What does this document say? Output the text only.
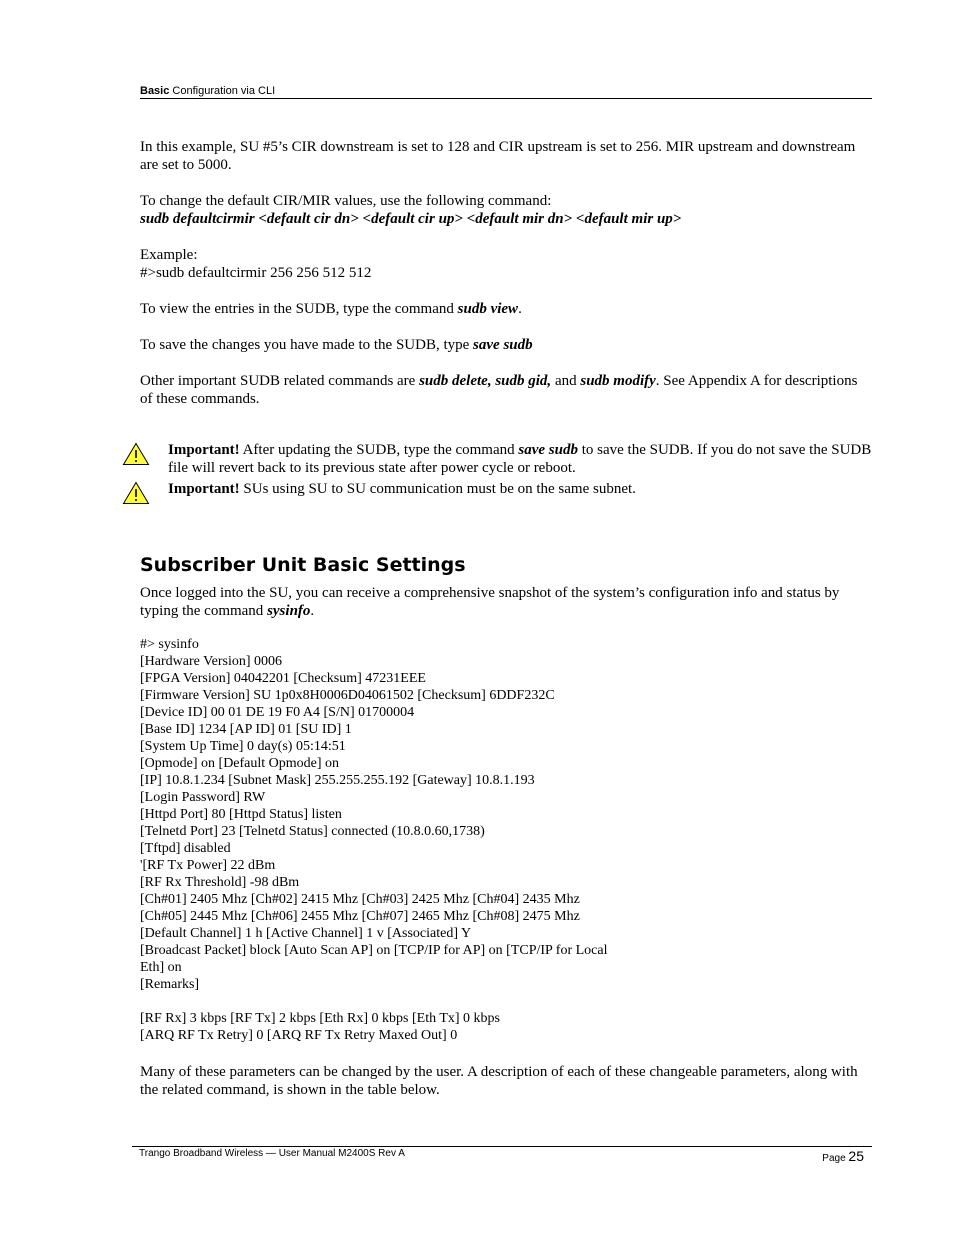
Basic Configuration via CLI

In this example, SU #5’s CIR downstream is set to 128 and CIR upstream is set to 256. MIR upstream and downstream are set to 5000.

To change the default CIR/MIR values, use the following command:
sudb defaultcirmir <default cir dn> <default cir up> <default mir dn> <default mir up>

Example:
#>sudb defaultcirmir 256 256 512 512

To view the entries in the SUDB, type the command sudb view.

To save the changes you have made to the SUDB, type save sudb

Other important SUDB related commands are sudb delete, sudb gid, and sudb modify. See Appendix A for descriptions of these commands.

Important! After updating the SUDB, type the command save sudb to save the SUDB. If you do not save the SUDB file will revert back to its previous state after power cycle or reboot.
Important! SUs using SU to SU communication must be on the same subnet.
Subscriber Unit Basic Settings
Once logged into the SU, you can receive a comprehensive snapshot of the system’s configuration info and status by typing the command sysinfo.
#> sysinfo
[Hardware Version] 0006
[FPGA Version] 04042201 [Checksum] 47231EEE
[Firmware Version] SU 1p0x8H0006D04061502 [Checksum] 6DDF232C
[Device ID] 00 01 DE 19 F0 A4 [S/N] 01700004
[Base ID] 1234 [AP ID] 01 [SU ID] 1
[System Up Time] 0 day(s) 05:14:51
[Opmode] on [Default Opmode] on
[IP] 10.8.1.234 [Subnet Mask] 255.255.255.192 [Gateway] 10.8.1.193
[Login Password] RW
[Httpd Port] 80 [Httpd Status] listen
[Telnetd Port] 23 [Telnetd Status] connected (10.8.0.60,1738)
[Tftpd] disabled
'[RF Tx Power] 22 dBm
[RF Rx Threshold] -98 dBm
[Ch#01] 2405 Mhz [Ch#02] 2415 Mhz [Ch#03] 2425 Mhz [Ch#04] 2435 Mhz
[Ch#05] 2445 Mhz [Ch#06] 2455 Mhz [Ch#07] 2465 Mhz [Ch#08] 2475 Mhz
[Default Channel] 1 h [Active Channel] 1 v [Associated] Y
[Broadcast Packet] block [Auto Scan AP] on [TCP/IP for AP] on [TCP/IP for Local
Eth] on
[Remarks]
[RF Rx] 3 kbps [RF Tx] 2 kbps [Eth Rx] 0 kbps [Eth Tx] 0 kbps
[ARQ RF Tx Retry] 0 [ARQ RF Tx Retry Maxed Out] 0
Many of these parameters can be changed by the user. A description of each of these changeable parameters, along with the related command, is shown in the table below.
Trango Broadband Wireless — User Manual M2400S Rev A	Page 25
